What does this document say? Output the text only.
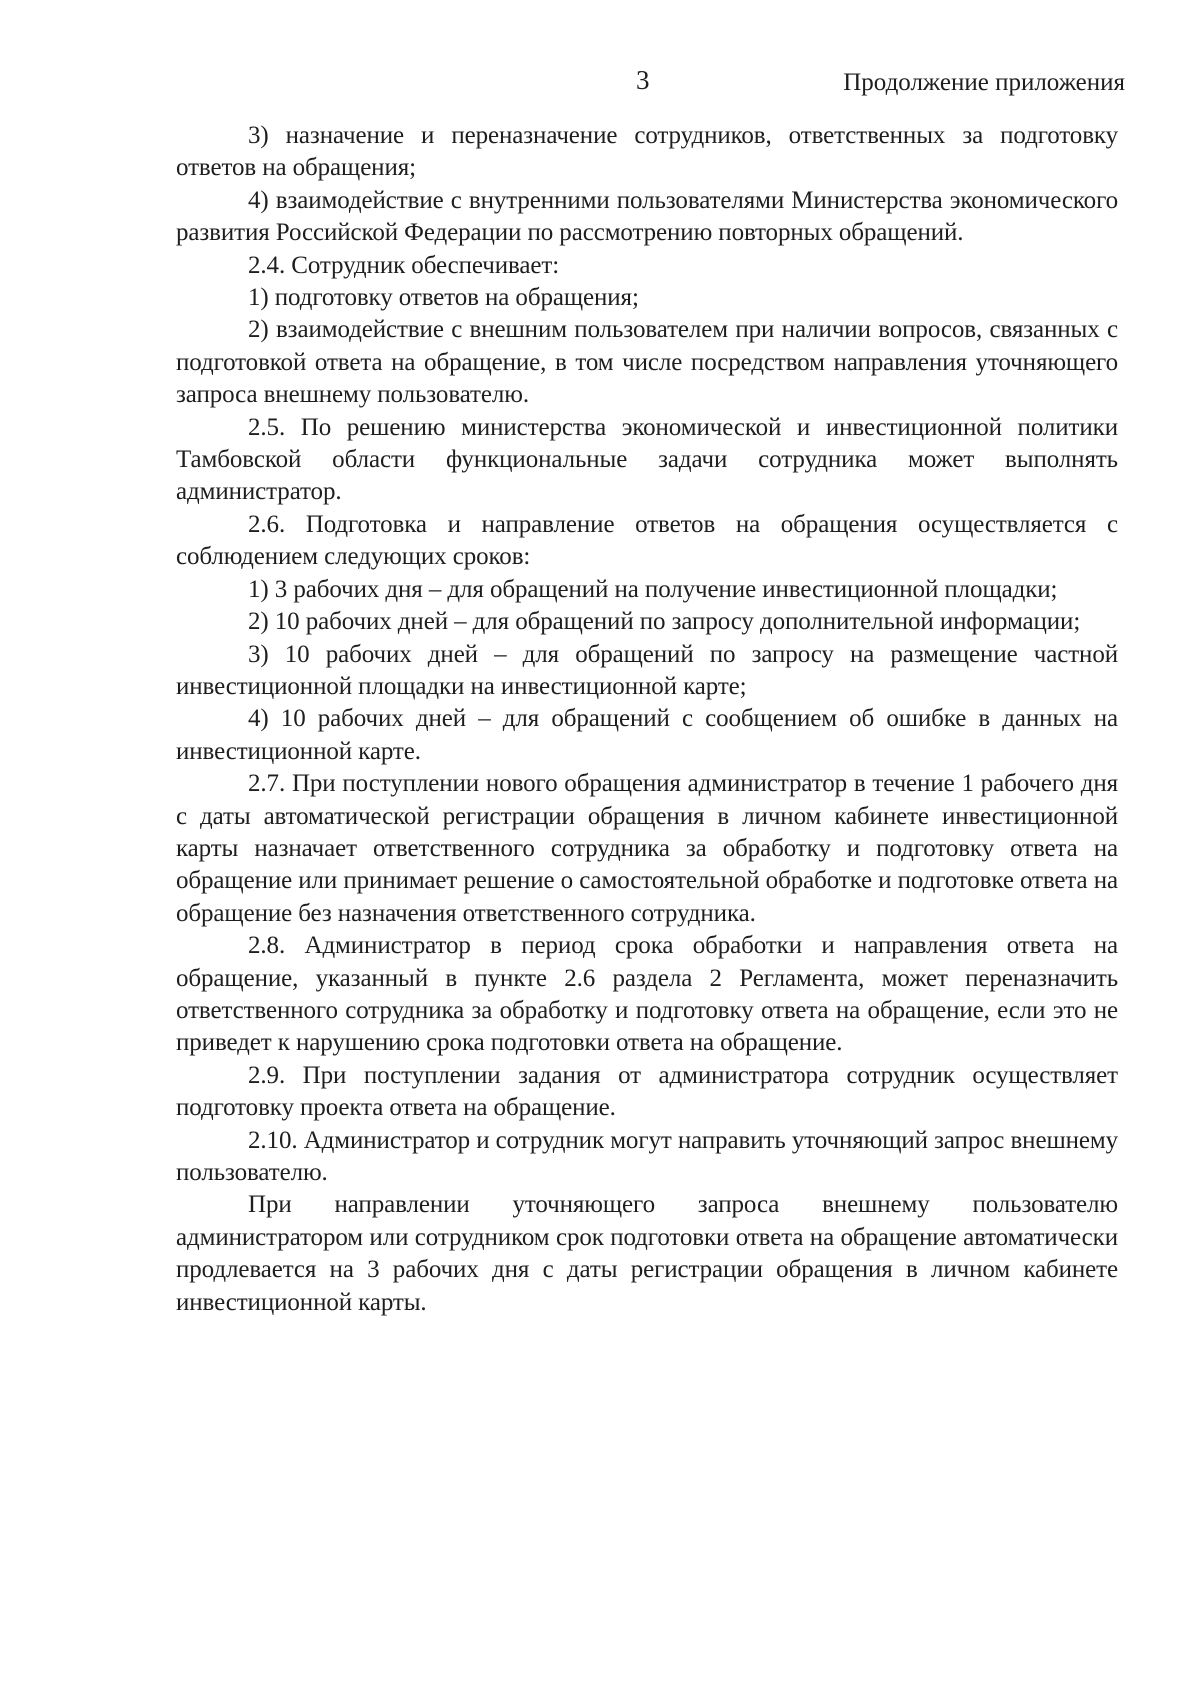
3	Продолжение приложения

3) назначение и переназначение сотрудников, ответственных за подготовку ответов на обращения;

4) взаимодействие с внутренними пользователями Министерства экономического развития Российской Федерации по рассмотрению повторных обращений.

2.4. Сотрудник обеспечивает:

1) подготовку ответов на обращения;

2) взаимодействие с внешним пользователем при наличии вопросов, связанных с подготовкой ответа на обращение, в том числе посредством направления уточняющего запроса внешнему пользователю.

2.5. По решению министерства экономической и инвестиционной политики Тамбовской области функциональные задачи сотрудника может выполнять администратор.

2.6. Подготовка и направление ответов на обращения осуществляется с соблюдением следующих сроков:

1) 3 рабочих дня – для обращений на получение инвестиционной площадки;

2) 10 рабочих дней – для обращений по запросу дополнительной информации;

3) 10 рабочих дней – для обращений по запросу на размещение частной инвестиционной площадки на инвестиционной карте;

4) 10 рабочих дней – для обращений с сообщением об ошибке в данных на инвестиционной карте.

2.7. При поступлении нового обращения администратор в течение 1 рабочего дня с даты автоматической регистрации обращения в личном кабинете инвестиционной карты назначает ответственного сотрудника за обработку и подготовку ответа на обращение или принимает решение о самостоятельной обработке и подготовке ответа на обращение без назначения ответственного сотрудника.

2.8. Администратор в период срока обработки и направления ответа на обращение, указанный в пункте 2.6 раздела 2 Регламента, может переназначить ответственного сотрудника за обработку и подготовку ответа на обращение, если это не приведет к нарушению срока подготовки ответа на обращение.

2.9. При поступлении задания от администратора сотрудник осуществляет подготовку проекта ответа на обращение.

2.10. Администратор и сотрудник могут направить уточняющий запрос внешнему пользователю.

При направлении уточняющего запроса внешнему пользователю администратором или сотрудником срок подготовки ответа на обращение автоматически продлевается на 3 рабочих дня с даты регистрации обращения в личном кабинете инвестиционной карты.
